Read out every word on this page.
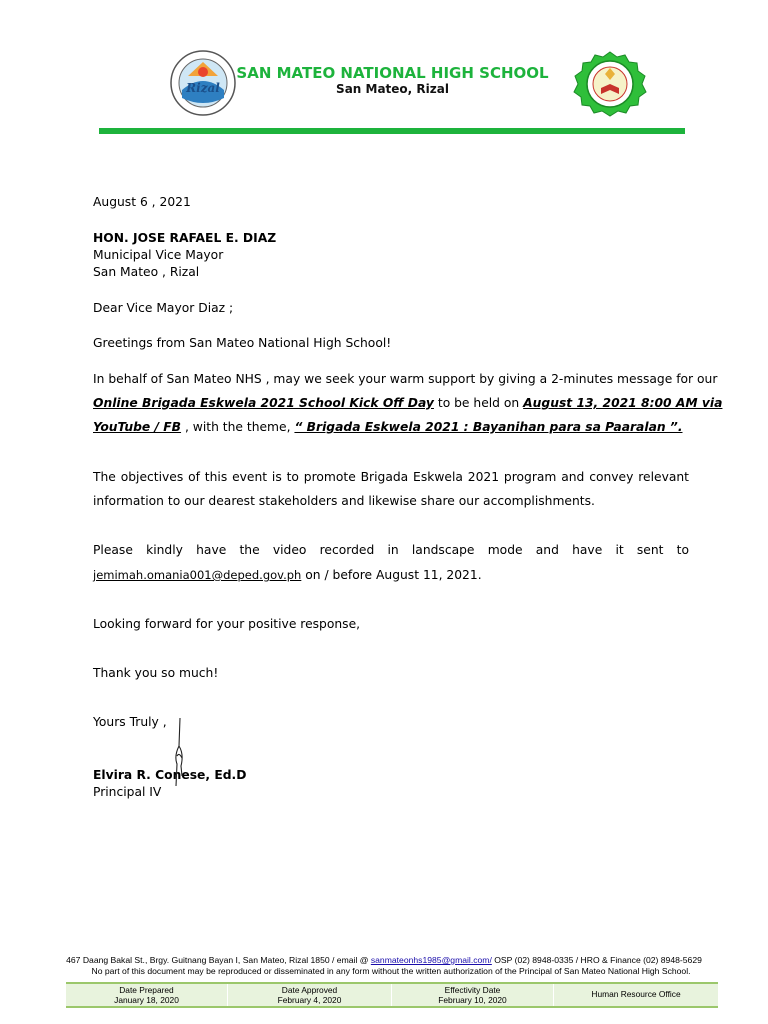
Rizal
SAN MATEO NATIONAL HIGH SCHOOL
San Mateo, Rizal
August 6 , 2021
HON. JOSE RAFAEL E. DIAZ
Municipal Vice Mayor
San Mateo , Rizal
Dear Vice Mayor Diaz ;
Greetings from San Mateo National High School!
In behalf of San Mateo NHS , may we seek your warm support by giving a 2-minutes message for our
Online Brigada Eskwela 2021 School Kick Off Day to be held on August 13, 2021 8:00 AM via
YouTube / FB , with the theme, “ Brigada Eskwela 2021 : Bayanihan para sa Paaralan ”.
The objectives of this event is to promote Brigada Eskwela 2021 program and convey relevant
information to our dearest stakeholders and likewise share our accomplishments.
Please kindly have the video recorded in landscape mode and have it sent to
jemimah.omania001@deped.gov.ph on / before August 11, 2021.
Looking forward for your positive response,
Thank you so much!
Yours Truly ,
Elvira R. Conese, Ed.D
Principal IV
467 Daang Bakal St., Brgy. Guitnang Bayan I, San Mateo, Rizal 1850 / email @ sanmateonhs1985@gmail.com/ OSP (02) 8948-0335 / HRO & Finance (02) 8948-5629
No part of this document may be reproduced or disseminated in any form without the written authorization of the Principal of San Mateo National High School.
Date Prepared
January 18, 2020
Date Approved
February 4, 2020
Effectivity Date
February 10, 2020
Human Resource Office
